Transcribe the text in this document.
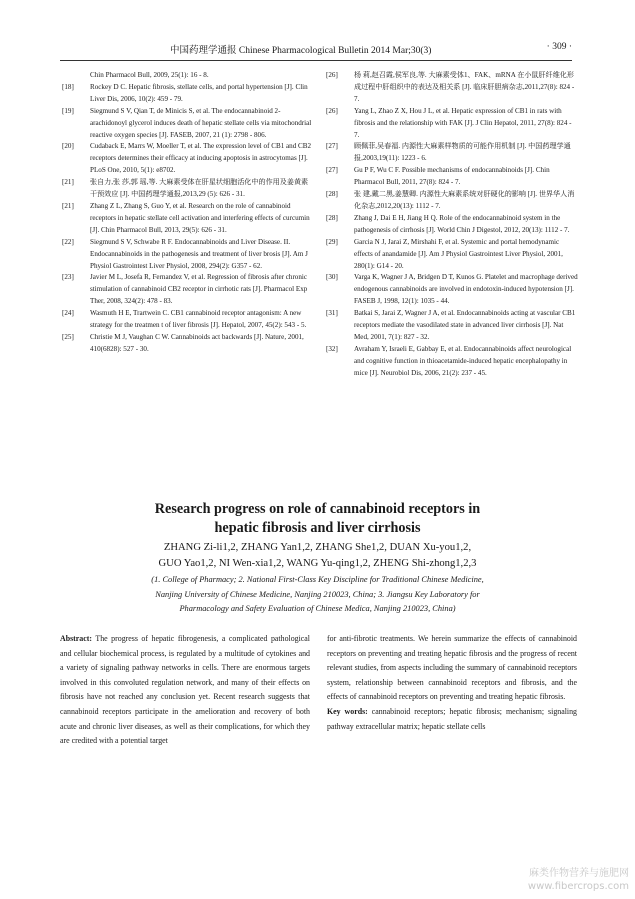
中国药理学通报 Chinese Pharmacological Bulletin 2014 Mar;30(3)	· 309 ·
Chin Pharmacol Bull, 2009, 25(1): 16 - 8.
[18] Rockey D C. Hepatic fibrosis, stellate cells, and portal hypertension [J]. Clin Liver Dis, 2006, 10(2): 459 - 79.
[19] Siegmund S V, Qian T, de Minicis S, et al. The endocannabinoid 2-arachidonoyl glycerol induces death of hepatic stellate cells via mitochondrial reactive oxygen species [J]. FASEB, 2007, 21 (1): 2798 - 806.
[20] Cudaback E, Marrs W, Moeller T, et al. The expression level of CB1 and CB2 receptors determines their efficacy at inducing apoptosis in astrocytomas [J]. PLoS One, 2010, 5(1): e8702.
[21] 张自力,张 莎,郭 瑶,等. 大麻素受体在肝星状细胞活化中的作用及姜黄素干预效应 [J]. 中国药理学通报,2013,29 (5): 626 - 31.
[21] Zhang Z L, Zhang S, Guo Y, et al. Research on the role of cannabinoid receptors in hepatic stellate cell activation and interfering effects of curcumin [J]. Chin Pharmacol Bull, 2013, 29(5): 626 - 31.
[22] Siegmund S V, Schwabe R F. Endocannabinoids and Liver Disease. II. Endocannabinoids in the pathogenesis and treatment of liver brosis [J]. Am J Physiol Gastrointest Liver Physiol, 2008, 294(2): G357 - 62.
[23] Javier M L, Josefa R, Fernandez V, et al. Regression of fibrosis after chronic stimulation of cannabinoid CB2 receptor in cirrhotic rats [J]. Pharmacol Exp Ther, 2008, 324(2): 478 - 83.
[24] Wasmuth H E, Trartwein C. CB1 cannabinoid receptor antagonism: A new strategy for the treatmen t of liver fibrosis [J]. Hepatol, 2007, 45(2): 543 - 5.
[25] Christie M J, Vaughan C W. Cannabinoids act backwards [J]. Nature, 2001, 410(6828): 527 - 30.
[26] 杨 莉,赵召霞,侯军良,等. 大麻素受体1、FAK、mRNA 在小鼠肝纤维化形成过程中肝组织中的表达及相关系 [J]. 临床肝胆病杂志,2011,27(8): 824 - 7.
[26] Yang L, Zhao Z X, Hou J L, et al. Hepatic expression of CB1 in rats with fibrosis and the relationship with FAK [J]. J Clin Hepatol, 2011, 27(8): 824 - 7.
[27] 顾佩菲,吴春福. 内源性大麻素样物质的可能作用机制 [J]. 中国药理学通报,2003,19(11): 1223 - 6.
[27] Gu P F, Wu C F. Possible mechanisms of endocannabinoids [J]. Chin Pharmacol Bull, 2011, 27(8): 824 - 7.
[28] 张 建,戴二黑,姜慧卿. 内源性大麻素系统对肝硬化的影响 [J]. 世界华人消化杂志,2012,20(13): 1112 - 7.
[28] Zhang J, Dai E H, Jiang H Q. Role of the endocannabinoid system in the pathogenesis of cirrhosis [J]. World Chin J Digestol, 2012, 20(13): 1112 - 7.
[29] Garcia N J, Jarai Z, Mirshahi F, et al. Systemic and portal hemodynamic effects of anandamide [J]. Am J Physiol Gastrointest Liver Physiol, 2001, 280(1): G14 - 20.
[30] Varga K, Wagner J A, Bridgen D T, Kunos G. Platelet and macrophage derived endogenous cannabinoids are involved in endotoxin-induced hypotension [J]. FASEB J, 1998, 12(1): 1035 - 44.
[31] Batkai S, Jarai Z, Wagner J A, et al. Endocannabinoids acting at vascular CB1 receptors mediate the vasodilated state in advanced liver cirrhosis [J]. Nat Med, 2001, 7(1): 827 - 32.
[32] Avraham Y, Israeli E, Gabbay E, et al. Endocannabinoids affect neurological and cognitive function in thioacetamide-induced hepatic encephalopathy in mice [J]. Neurobiol Dis, 2006, 21(2): 237 - 45.
Research progress on role of cannabinoid receptors in
hepatic fibrosis and liver cirrhosis
ZHANG Zi-li1,2, ZHANG Yan1,2, ZHANG She1,2, DUAN Xu-you1,2,
GUO Yao1,2, NI Wen-xia1,2, WANG Yu-qing1,2, ZHENG Shi-zhong1,2,3
(1. College of Pharmacy; 2. National First-Class Key Discipline for Traditional Chinese Medicine,
Nanjing University of Chinese Medicine, Nanjing 210023, China; 3. Jiangsu Key Laboratory for
Pharmacology and Safety Evaluation of Chinese Medica, Nanjing 210023, China)
Abstract: The progress of hepatic fibrogenesis, a complicated pathological and cellular biochemical process, is regulated by a multitude of cytokines and a variety of signaling pathway networks in cells. There are enormous targets involved in this convoluted regulation network, and many of their effects on fibrosis have not reached any conclusion yet. Recent research suggests that cannabinoid receptors participate in the amelioration and recovery of both acute and chronic liver diseases, as well as their complications, for which they are credited with a potential target
for anti-fibrotic treatments. We herein summarize the effects of cannabinoid receptors on preventing and treating hepatic fibrosis and the progress of recent relevant studies, from aspects including the summary of cannabinoid receptors system, relationship between cannabinoid receptors and fibrosis, and the effects of cannabinoid receptors on preventing and treating hepatic fibrosis.
Key words: cannabinoid receptors; hepatic fibrosis; mechanism; signaling pathway extracellular matrix; hepatic stellate cells
麻类作物营养与施肥网
www.fibercrops.com
